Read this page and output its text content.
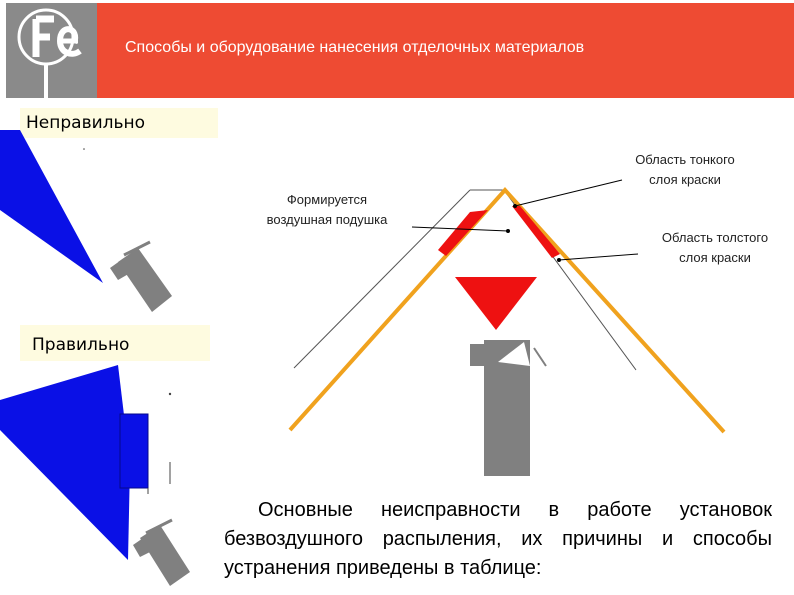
Способы и оборудование нанесения отделочных материалов
Неправильно
Правильно
Область тонкого
слоя краски
Область толстого
слоя краски
Формируется
воздушная подушка
Основные неисправности в работе установок безвоздушного распыления, их причины и способы устранения приведены в таблице:
